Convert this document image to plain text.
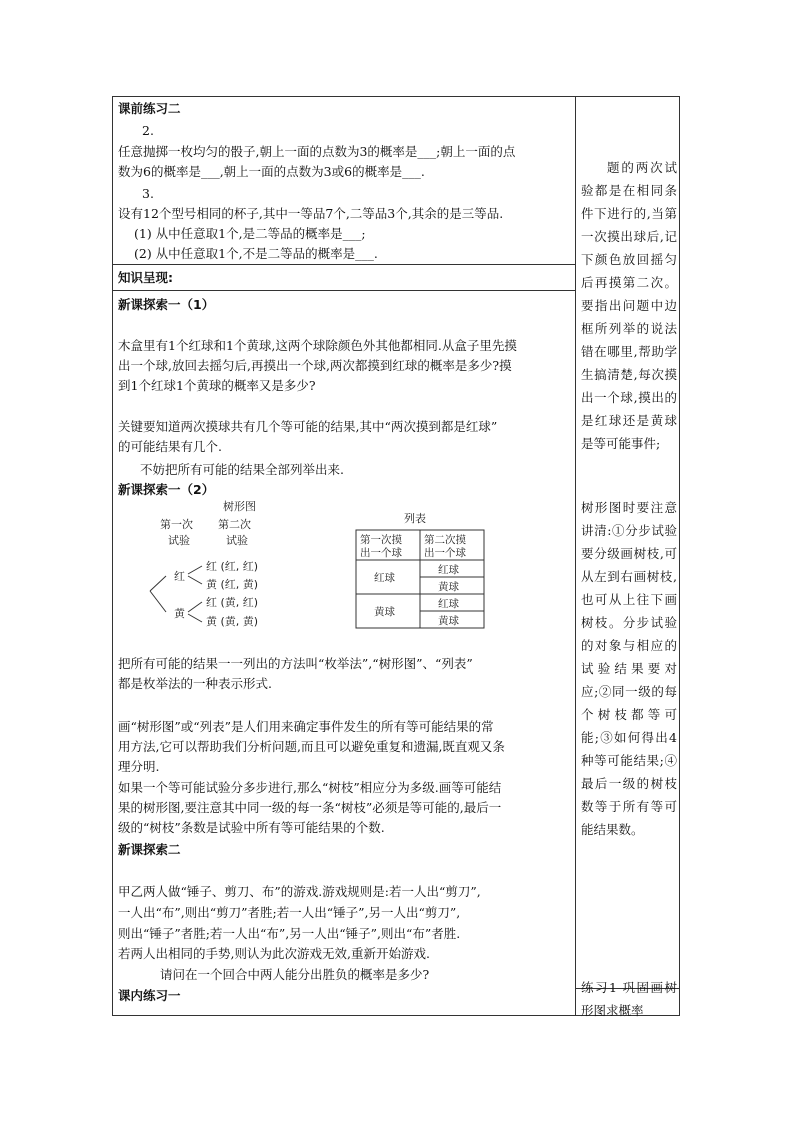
课前练习二
2.
任意抛掷一枚均匀的骰子,朝上一面的点数为3的概率是___;朝上一面的点
数为6的概率是___,朝上一面的点数为3或6的概率是___.
3.
设有12个型号相同的杯子,其中一等品7个,二等品3个,其余的是三等品.
(1) 从中任意取1个,是二等品的概率是___;
(2) 从中任意取1个,不是二等品的概率是___.
知识呈现:
新课探索一（1）
木盒里有1个红球和1个黄球,这两个球除颜色外其他都相同.从盒子里先摸
出一个球,放回去摇匀后,再摸出一个球,两次都摸到红球的概率是多少?摸
到1个红球1个黄球的概率又是多少?
关键要知道两次摸球共有几个等可能的结果,其中“两次摸到都是红球”
的可能结果有几个.
不妨把所有可能的结果全部列举出来.
新课探索一（2）
树形图
第一次
试验
第二次
试验
红
黄
红 (红, 红)
黄 (红, 黄)
红 (黄, 红)
黄 (黄, 黄)
列表
第一次摸
出一个球
第二次摸
出一个球
红球
黄球
红球
黄球
红球
黄球
把所有可能的结果一一列出的方法叫“枚举法”,“树形图”、“列表”
都是枚举法的一种表示形式.
画“树形图”或“列表”是人们用来确定事件发生的所有等可能结果的常
用方法,它可以帮助我们分析问题,而且可以避免重复和遗漏,既直观又条
理分明.
如果一个等可能试验分多步进行,那么“树枝”相应分为多级.画等可能结
果的树形图,要注意其中同一级的每一条“树枝”必须是等可能的,最后一
级的“树枝”条数是试验中所有等可能结果的个数.
新课探索二
甲乙两人做“锤子、剪刀、布”的游戏.游戏规则是:若一人出“剪刀”,
一人出“布”,则出“剪刀”者胜;若一人出“锤子”,另一人出“剪刀”,
则出“锤子”者胜;若一人出“布”,另一人出“锤子”,则出“布”者胜.
若两人出相同的手势,则认为此次游戏无效,重新开始游戏.
请问在一个回合中两人能分出胜负的概率是多少?
课内练习一

题的两次试验都是在相同条件下进行的,当第一次摸出球后,记下颜色放回摇匀后再摸第二次。要指出问题中边框所列举的说法错在哪里,帮助学生搞清楚,每次摸出一个球,摸出的是红球还是黄球是等可能事件;

树形图时要注意讲清:①分步试验要分级画树枝,可从左到右画树枝,也可从上往下画树枝。分步试验的对象与相应的试验结果要对应;②同一级的每个树枝都等可能;③如何得出4种等可能结果;④最后一级的树枝数等于所有等可能结果数。

练习1 巩固画树形图求概率
